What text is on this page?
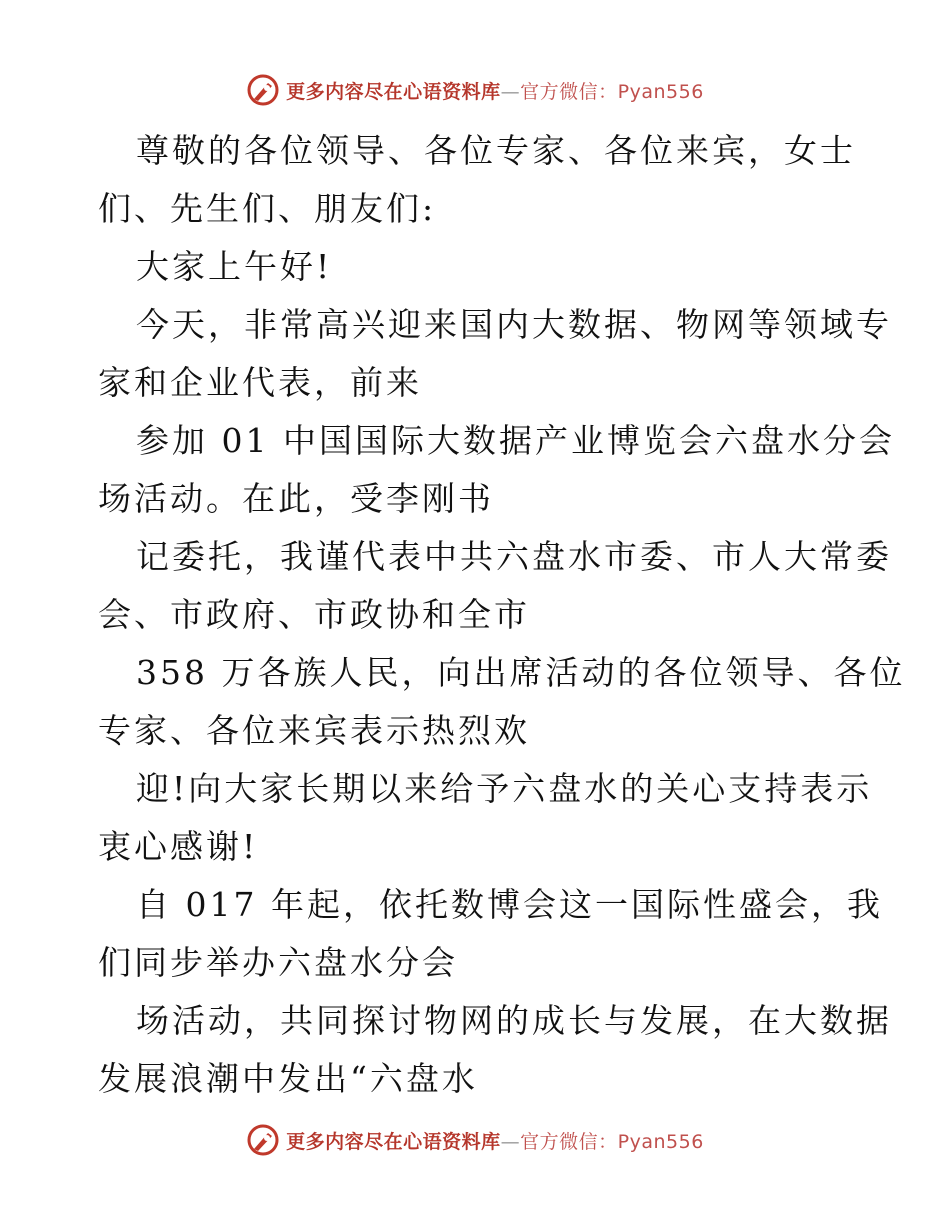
更多内容尽在心语资料库—官方微信：Pyan556

尊敬的各位领导、各位专家、各位来宾，女士

们、先生们、朋友们:

大家上午好!

今天，非常高兴迎来国内大数据、物网等领域专

家和企业代表，前来

参加 01 中国国际大数据产业博览会六盘水分会

场活动。在此，受李刚书

记委托，我谨代表中共六盘水市委、市人大常委

会、市政府、市政协和全市

358 万各族人民，向出席活动的各位领导、各位

专家、各位来宾表示热烈欢

迎!向大家长期以来给予六盘水的关心支持表示

衷心感谢!

自 017 年起，依托数博会这一国际性盛会，我

们同步举办六盘水分会

场活动，共同探讨物网的成长与发展，在大数据

发展浪潮中发出“六盘水

更多内容尽在心语资料库—官方微信：Pyan556
